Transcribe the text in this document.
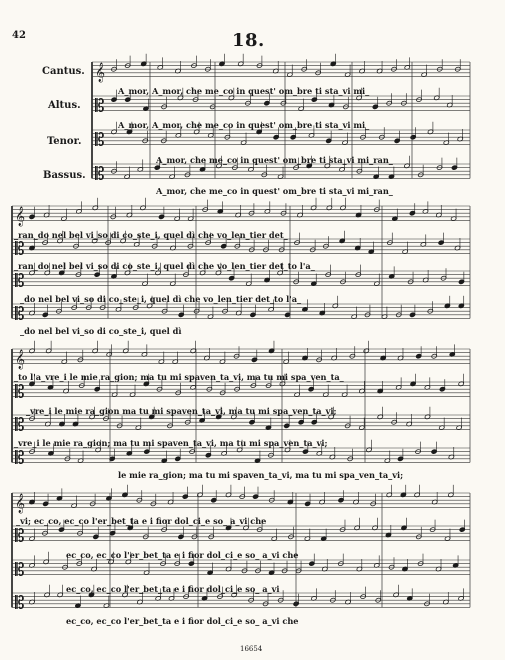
42	18.
Cantus.
Altus.
Tenor.
Bassus.
𝄞
𝄡
𝄡
𝄡
𝄞
𝄡
𝄡
𝄡
𝄞
𝄡
𝄡
𝄡
𝄞
𝄡
𝄡
𝄡
A_mor, A_mor, che me_co in quest' om_bre ti sta_vi mi_
A_mor, A_mor, che me_co in quest' om_bre ti sta_vi mi_
A_mor, che me_co in quest' om_bre ti sta_vi mi_ran_
A_mor, che me_co in quest' om_bre ti sta_vi mi_ran_
_ran_do nel bel vi_so di co_ste_i, quel dì che vo_len_tier det_
_ran_do nel bel vi_so di co_ste_i, quel dì che vo_len_tier det_to l'a_
_do nel bel vi_so di co_ste_i, quel dì che vo_len_tier det_to l'a_
_do nel bel vi_so di co_ste_i, quel dì
_to l'a_vre_i le mie ra_gion; ma tu mi spaven_ta_vi, ma tu mi spa_ven_ta_
_vre_i le mie ra_gion ma tu mi spaven_ta_vi, ma tu mi spa_ven_ta_vi;
_vre_i le mie ra_gion; ma tu mi spaven_ta_vi, ma tu mi spa_ven_ta_vi;
le mie ra_gion; ma tu mi spaven_ta_vi, ma tu mi spa_ven_ta_vi;
_vi; ec_co, ec_co l'er_bet_ta e i fior dol_ci_e so_ a_vi che
ec_co, ec_co l'er_bet_ta e i fior dol_ci_e so_ a_vi che
ec_co, ec_co l'er_bet_ta e i fior dol_ci_e so_ a_vi
ec_co, ec_co l'er_bet_ta e i fior dol_ci_e so_ a_vi che
16654
